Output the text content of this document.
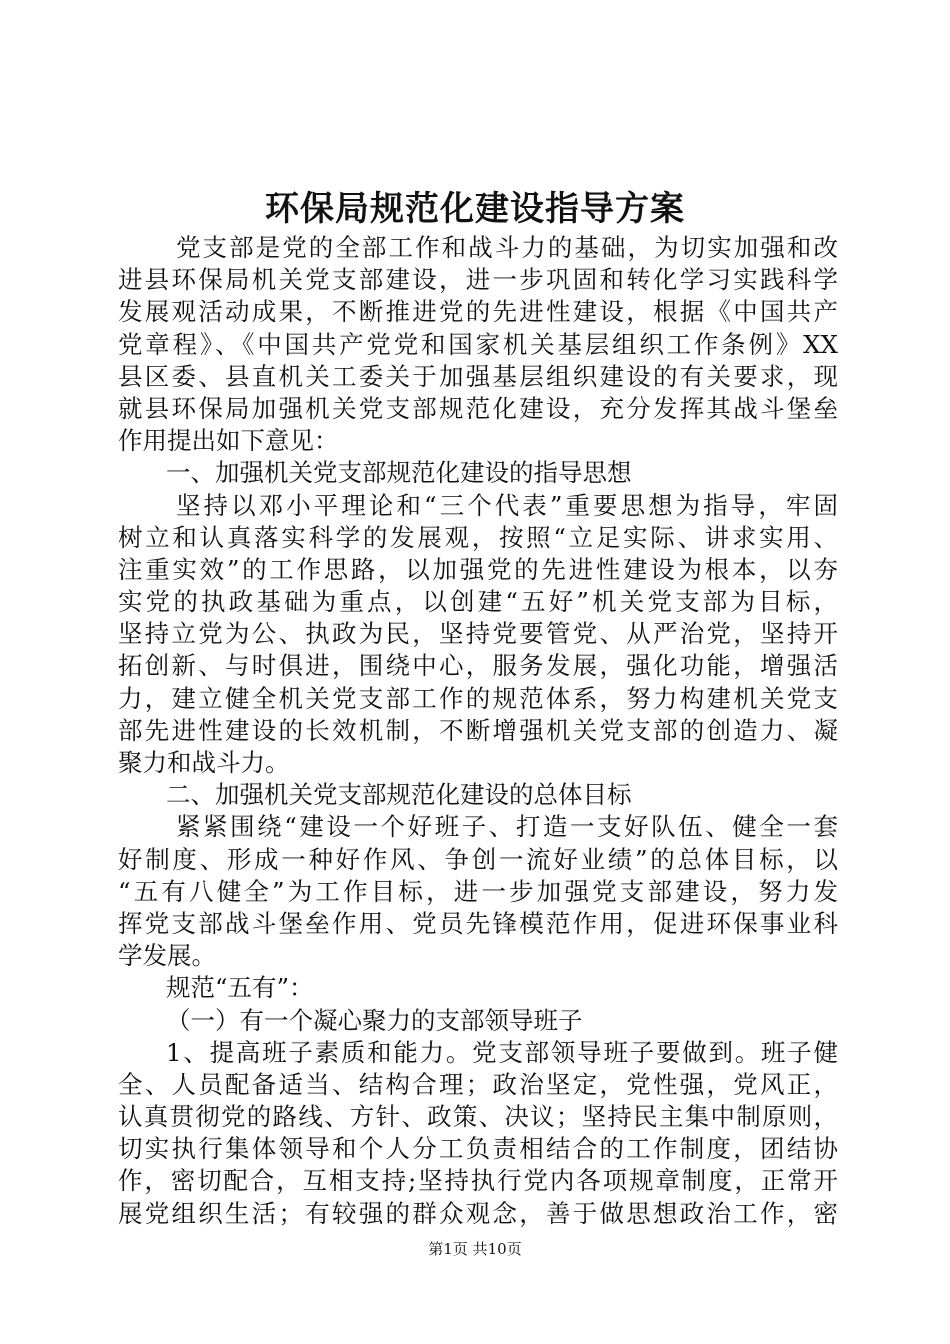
环保局规范化建设指导方案
党支部是党的全部工作和战斗力的基础，为切实加强和改
进县环保局机关党支部建设，进一步巩固和转化学习实践科学
发展观活动成果，不断推进党的先进性建设，根据《中国共产
党章程》、《中国共产党党和国家机关基层组织工作条例》XX
县区委、县直机关工委关于加强基层组织建设的有关要求，现
就县环保局加强机关党支部规范化建设，充分发挥其战斗堡垒
作用提出如下意见：
一、加强机关党支部规范化建设的指导思想
坚持以邓小平理论和“三个代表”重要思想为指导，牢固
树立和认真落实科学的发展观，按照“立足实际、讲求实用、
注重实效”的工作思路，以加强党的先进性建设为根本，以夯
实党的执政基础为重点，以创建“五好”机关党支部为目标，
坚持立党为公、执政为民，坚持党要管党、从严治党，坚持开
拓创新、与时俱进，围绕中心，服务发展，强化功能，增强活
力，建立健全机关党支部工作的规范体系，努力构建机关党支
部先进性建设的长效机制，不断增强机关党支部的创造力、凝
聚力和战斗力。
二、加强机关党支部规范化建设的总体目标
紧紧围绕“建设一个好班子、打造一支好队伍、健全一套
好制度、形成一种好作风、争创一流好业绩”的总体目标，以
“五有八健全”为工作目标，进一步加强党支部建设，努力发
挥党支部战斗堡垒作用、党员先锋模范作用，促进环保事业科
学发展。
规范“五有”：
（一）有一个凝心聚力的支部领导班子
1、提高班子素质和能力。党支部领导班子要做到。班子健
全、人员配备适当、结构合理；政治坚定，党性强，党风正，
认真贯彻党的路线、方针、政策、决议；坚持民主集中制原则，
切实执行集体领导和个人分工负责相结合的工作制度，团结协
作，密切配合，互相支持;坚持执行党内各项规章制度，正常开
展党组织生活；有较强的群众观念，善于做思想政治工作，密
第1页 共10页
